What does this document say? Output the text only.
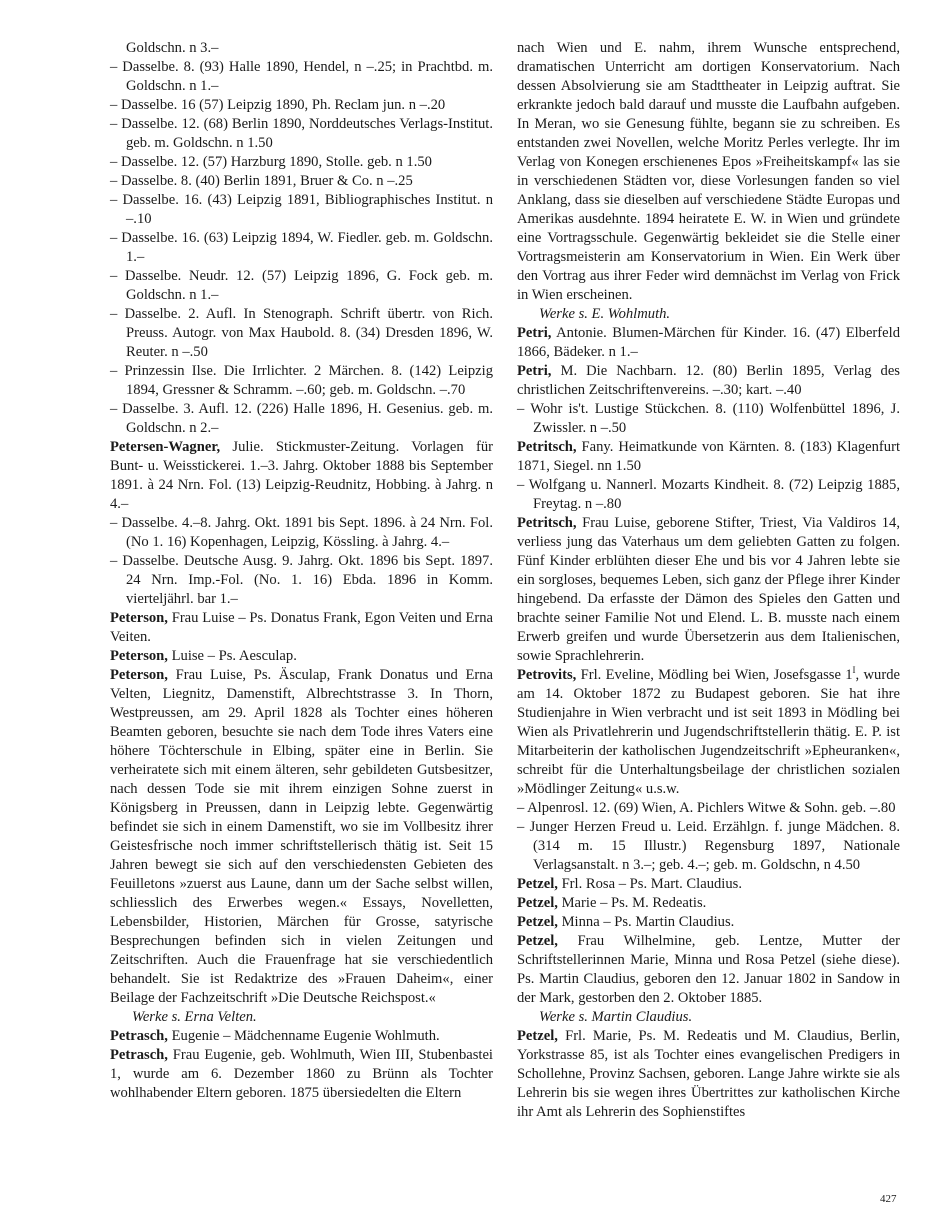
Goldschn. n 3.–

– Dasselbe. 8. (93) Halle 1890, Hendel, n –.25; in Prachtbd. m. Goldschn. n 1.–

– Dasselbe. 16 (57) Leipzig 1890, Ph. Reclam jun. n –.20

– Dasselbe. 12. (68) Berlin 1890, Norddeutsches Verlags-Institut. geb. m. Goldschn. n 1.50

– Dasselbe. 12. (57) Harzburg 1890, Stolle. geb. n 1.50

– Dasselbe. 8. (40) Berlin 1891, Bruer & Co. n –.25

– Dasselbe. 16. (43) Leipzig 1891, Bibliographisches Institut. n –.10

– Dasselbe. 16. (63) Leipzig 1894, W. Fiedler. geb. m. Goldschn. 1.–

– Dasselbe. Neudr. 12. (57) Leipzig 1896, G. Fock geb. m. Goldschn. n 1.–

– Dasselbe. 2. Aufl. In Stenograph. Schrift übertr. von Rich. Preuss. Autogr. von Max Haubold. 8. (34) Dresden 1896, W. Reuter. n –.50

– Prinzessin Ilse. Die Irrlichter. 2 Märchen. 8. (142) Leipzig 1894, Gressner & Schramm. –.60; geb. m. Goldschn. –.70

– Dasselbe. 3. Aufl. 12. (226) Halle 1896, H. Gesenius. geb. m. Goldschn. n 2.–

Petersen-Wagner, Julie. Stickmuster-Zeitung. Vorlagen für Bunt- u. Weisstickerei. 1.–3. Jahrg. Oktober 1888 bis September 1891. à 24 Nrn. Fol. (13) Leipzig-Reudnitz, Hobbing. à Jahrg. n 4.–

– Dasselbe. 4.–8. Jahrg. Okt. 1891 bis Sept. 1896. à 24 Nrn. Fol. (No 1. 16) Kopenhagen, Leipzig, Kössling. à Jahrg. 4.–

– Dasselbe. Deutsche Ausg. 9. Jahrg. Okt. 1896 bis Sept. 1897. 24 Nrn. Imp.-Fol. (No. 1. 16) Ebda. 1896 in Komm. vierteljährl. bar 1.–

Peterson, Frau Luise – Ps. Donatus Frank, Egon Veiten und Erna Veiten.

Peterson, Luise – Ps. Aesculap.

Peterson, Frau Luise, Ps. Äsculap, Frank Donatus und Erna Velten, Liegnitz, Damenstift, Albrechtstrasse 3. In Thorn, Westpreussen, am 29. April 1828 als Tochter eines höheren Beamten geboren, besuchte sie nach dem Tode ihres Vaters eine höhere Töchterschule in Elbing, später eine in Berlin. Sie verheiratete sich mit einem älteren, sehr gebildeten Gutsbesitzer, nach dessen Tode sie mit ihrem einzigen Sohne zuerst in Königsberg in Preussen, dann in Leipzig lebte. Gegenwärtig befindet sie sich in einem Damenstift, wo sie im Vollbesitz ihrer Geistesfrische noch immer schriftstellerisch thätig ist. Seit 15 Jahren bewegt sie sich auf den verschiedensten Gebieten des Feuilletons »zuerst aus Laune, dann um der Sache selbst willen, schliesslich des Erwerbes wegen.« Essays, Novelletten, Lebensbilder, Historien, Märchen für Grosse, satyrische Besprechungen befinden sich in vielen Zeitungen und Zeitschriften. Auch die Frauenfrage hat sie verschiedentlich behandelt. Sie ist Redaktrize des »Frauen Daheim«, einer Beilage der Fachzeitschrift »Die Deutsche Reichspost.«

Werke s. Erna Velten.

Petrasch, Eugenie – Mädchenname Eugenie Wohlmuth.

Petrasch, Frau Eugenie, geb. Wohlmuth, Wien III, Stubenbastei 1, wurde am 6. Dezember 1860 zu Brünn als Tochter wohlhabender Eltern geboren. 1875 übersiedelten die Eltern

nach Wien und E. nahm, ihrem Wunsche entsprechend, dramatischen Unterricht am dortigen Konservatorium. Nach dessen Absolvierung sie am Stadttheater in Leipzig auftrat. Sie erkrankte jedoch bald darauf und musste die Laufbahn aufgeben. In Meran, wo sie Genesung fühlte, begann sie zu schreiben. Es entstanden zwei Novellen, welche Moritz Perles verlegte. Ihr im Verlag von Konegen erschienenes Epos »Freiheitskampf« las sie in verschiedenen Städten vor, diese Vorlesungen fanden so viel Anklang, dass sie dieselben auf verschiedene Städte Europas und Amerikas ausdehnte. 1894 heiratete E. W. in Wien und gründete eine Vortragsschule. Gegenwärtig bekleidet sie die Stelle einer Vortragsmeisterin am Konservatorium in Wien. Ein Werk über den Vortrag aus ihrer Feder wird demnächst im Verlag von Frick in Wien erscheinen.

Werke s. E. Wohlmuth.

Petri, Antonie. Blumen-Märchen für Kinder. 16. (47) Elberfeld 1866, Bädeker. n 1.–

Petri, M. Die Nachbarn. 12. (80) Berlin 1895, Verlag des christlichen Zeitschriftenvereins. –.30; kart. –.40

– Wohr is't. Lustige Stückchen. 8. (110) Wolfenbüttel 1896, J. Zwissler. n –.50

Petritsch, Fany. Heimatkunde von Kärnten. 8. (183) Klagenfurt 1871, Siegel. nn 1.50

– Wolfgang u. Nannerl. Mozarts Kindheit. 8. (72) Leipzig 1885, Freytag. n –.80

Petritsch, Frau Luise, geborene Stifter, Triest, Via Valdiros 14, verliess jung das Vaterhaus um dem geliebten Gatten zu folgen. Fünf Kinder erblühten dieser Ehe und bis vor 4 Jahren lebte sie ein sorgloses, bequemes Leben, sich ganz der Pflege ihrer Kinder hingebend. Da erfasste der Dämon des Spieles den Gatten und brachte seiner Familie Not und Elend. L. B. musste nach einem Erwerb greifen und wurde Übersetzerin aus dem Italienischen, sowie Sprachlehrerin.

Petrovits, Frl. Eveline, Mödling bei Wien, Josefsgasse $1^I$, wurde am 14. Oktober 1872 zu Budapest geboren. Sie hat ihre Studienjahre in Wien verbracht und ist seit 1893 in Mödling bei Wien als Privatlehrerin und Jugendschriftstellerin thätig. E. P. ist Mitarbeiterin der katholischen Jugendzeitschrift »Epheuranken«, schreibt für die Unterhaltungsbeilage der christlichen sozialen »Mödlinger Zeitung« u.s.w.

– Alpenrosl. 12. (69) Wien, A. Pichlers Witwe & Sohn. geb. –.80

– Junger Herzen Freud u. Leid. Erzählgn. f. junge Mädchen. 8. (314 m. 15 Illustr.) Regensburg 1897, Nationale Verlagsanstalt. n 3.–; geb. 4.–; geb. m. Goldschn, n 4.50

Petzel, Frl. Rosa – Ps. Mart. Claudius.

Petzel, Marie – Ps. M. Redeatis.

Petzel, Minna – Ps. Martin Claudius.

Petzel, Frau Wilhelmine, geb. Lentze, Mutter der Schriftstellerinnen Marie, Minna und Rosa Petzel (siehe diese). Ps. Martin Claudius, geboren den 12. Januar 1802 in Sandow in der Mark, gestorben den 2. Oktober 1885.

Werke s. Martin Claudius.

Petzel, Frl. Marie, Ps. M. Redeatis und M. Claudius, Berlin, Yorkstrasse 85, ist als Tochter eines evangelischen Predigers in Schollehne, Provinz Sachsen, geboren. Lange Jahre wirkte sie als Lehrerin bis sie wegen ihres Übertrittes zur katholischen Kirche ihr Amt als Lehrerin des Sophienstiftes

427
